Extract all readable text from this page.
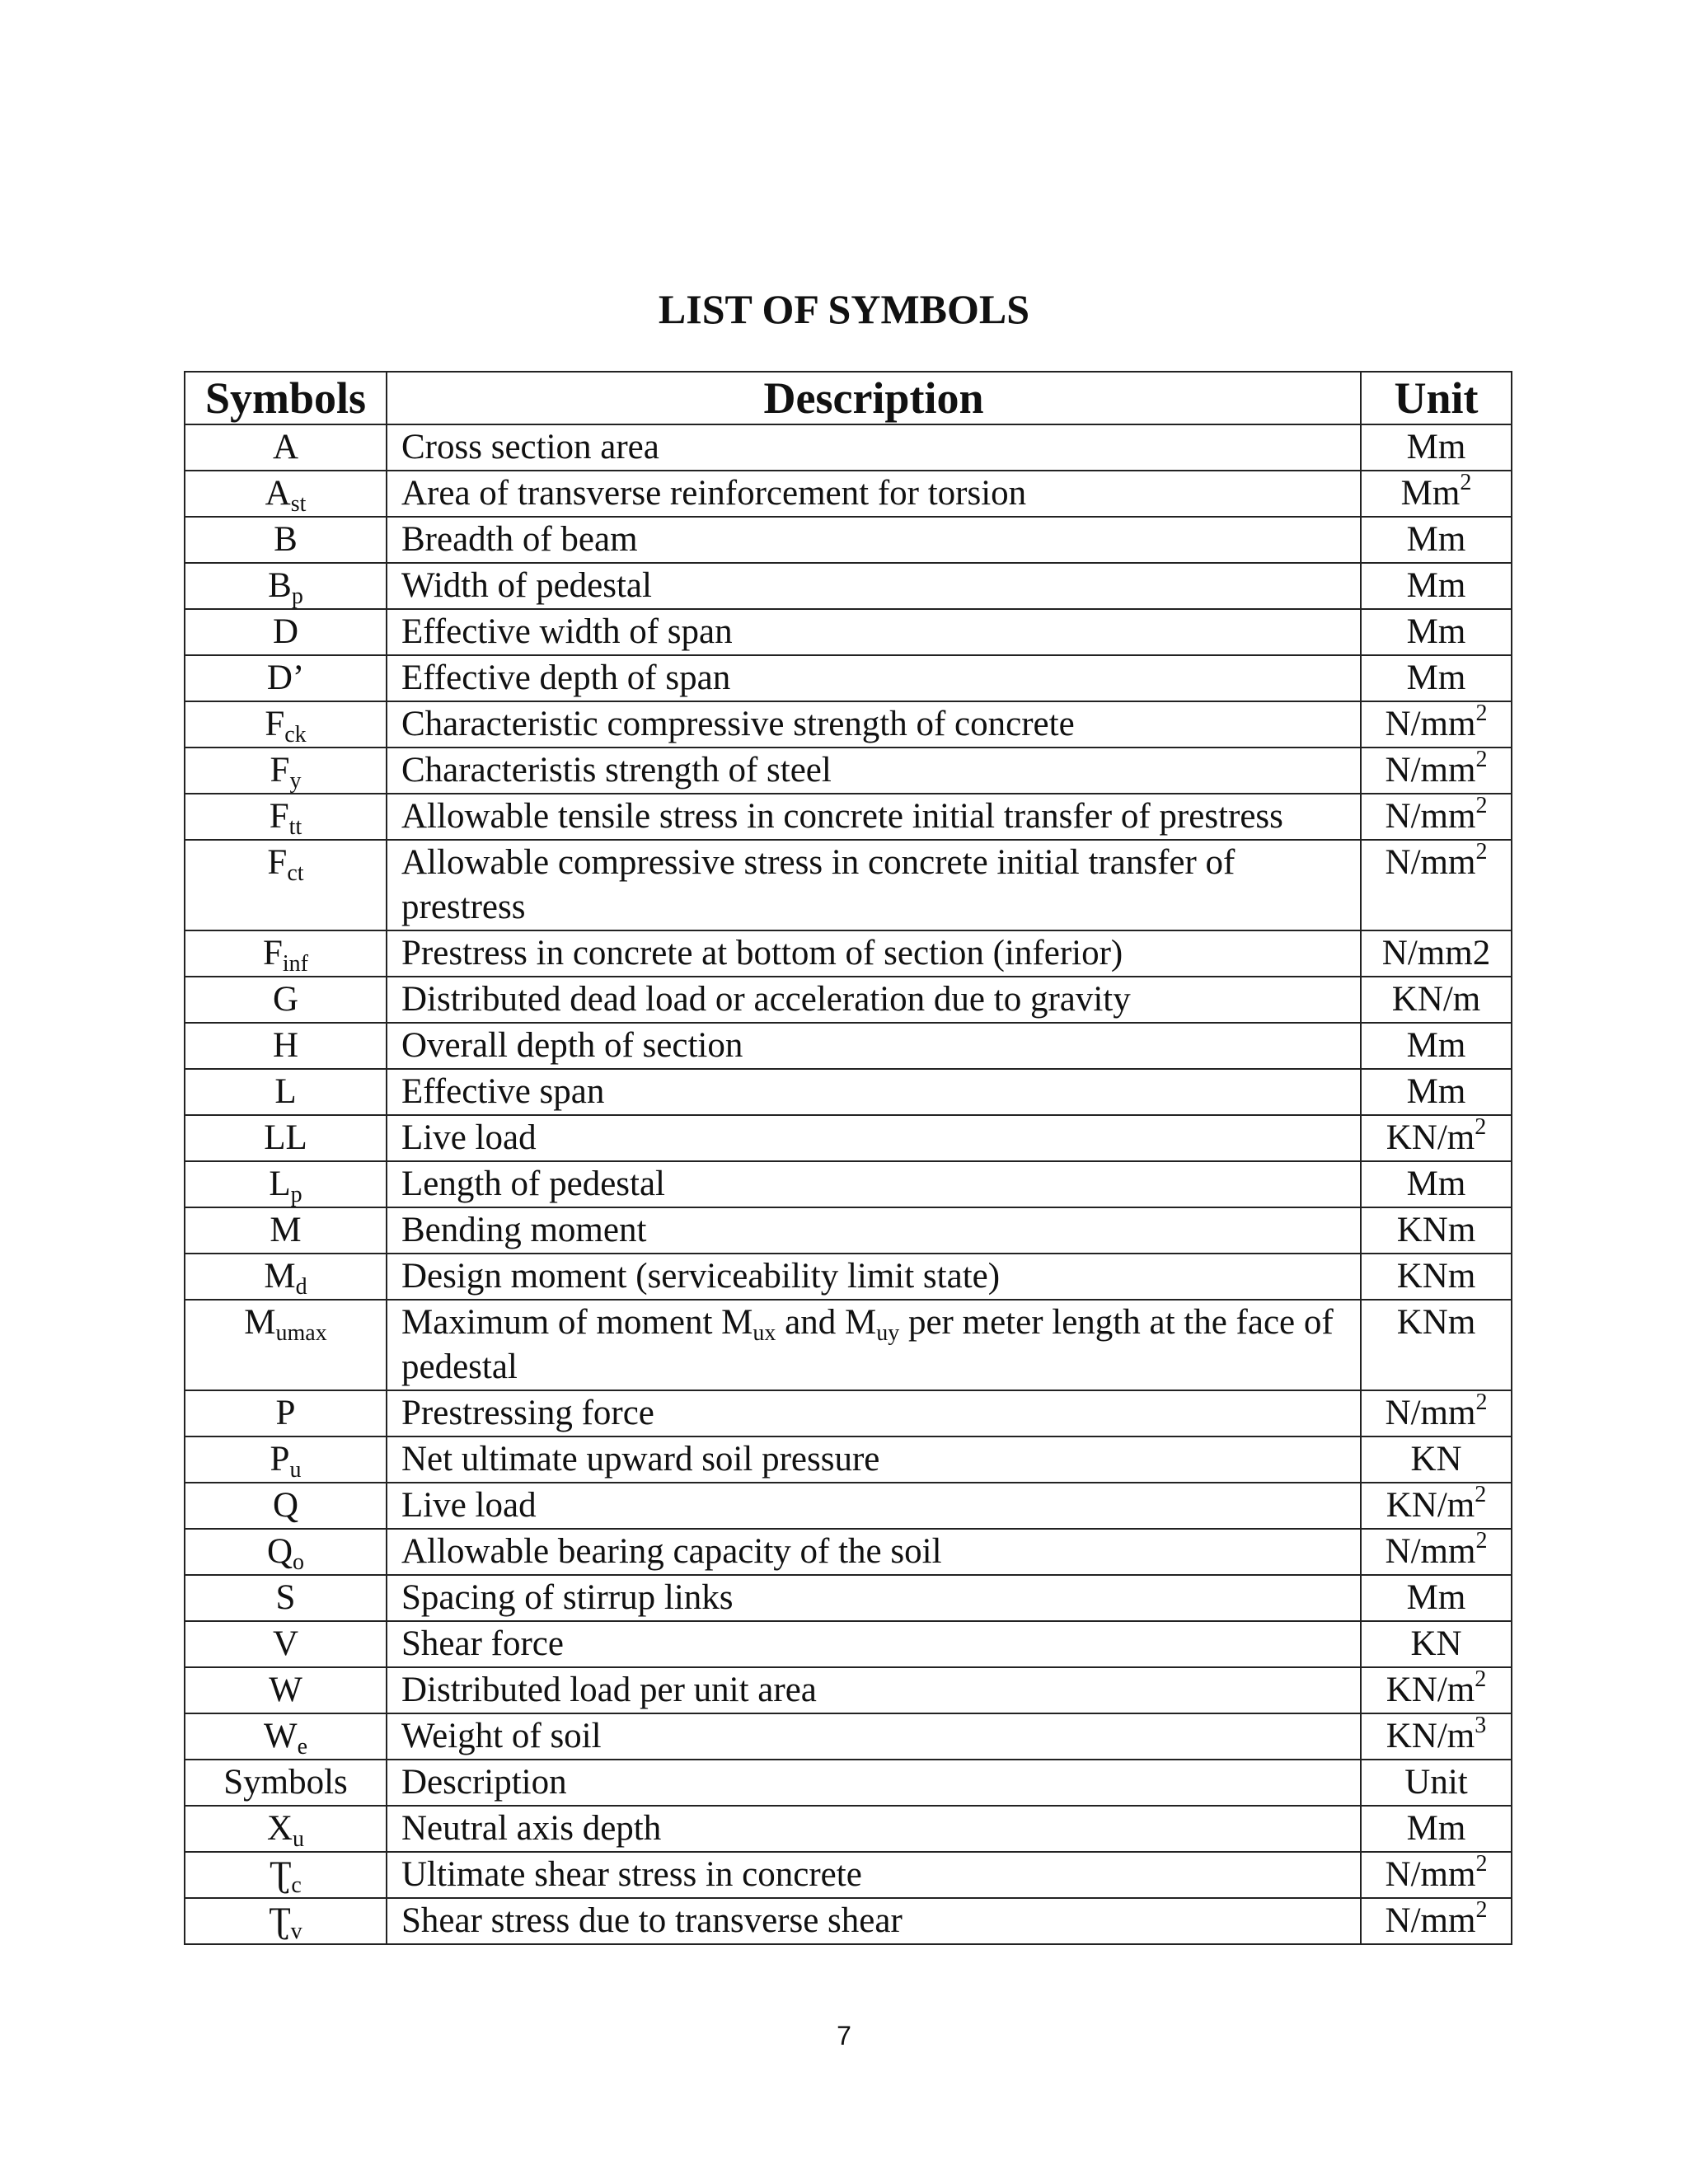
LIST OF SYMBOLS
Symbols	Description	Unit
A	Cross section area	Mm
$A_{st}$	Area of transverse reinforcement for torsion	Mm$^2$
B	Breadth of beam	Mm
$B_p$	Width of pedestal	Mm
D	Effective width of span	Mm
D’	Effective depth of span	Mm
$F_{ck}$	Characteristic compressive strength of concrete	$N/mm^2$
$F_y$	Characteristis strength of steel	$N/mm^2$
$F_{tt}$	Allowable tensile stress in concrete initial transfer of prestress	$N/mm^2$
$F_{ct}$	Allowable compressive stress in concrete initial transfer of prestress	$N/mm^2$
$F_{inf}$	Prestress in concrete at bottom of section (inferior)	N/mm2
G	Distributed dead load or acceleration due to gravity	KN/m
H	Overall depth of section	Mm
L	Effective span	Mm
LL	Live load	$KN/m^2$
$L_p$	Length of pedestal	Mm
M	Bending moment	KNm
$M_d$	Design moment (serviceability limit state)	KNm
$M_{umax}$	Maximum of moment $M_{ux}$ and $M_{uy}$ per meter length at the face of pedestal	KNm
P	Prestressing force	$N/mm^2$
$P_u$	Net ultimate upward soil pressure	KN
Q	Live load	$KN/m^2$
$Q_o$	Allowable bearing capacity of the soil	$N/mm^2$
S	Spacing of stirrup links	Mm
V	Shear force	KN
W	Distributed load per unit area	$KN/m^2$
$W_e$	Weight of soil	$KN/m^3$
Symbols	Description	Unit
$X_u$	Neutral axis depth	Mm
$Ʈ_c$	Ultimate shear stress in concrete	$N/mm^2$
$Ʈ_v$	Shear stress due to transverse shear	$N/mm^2$
7
